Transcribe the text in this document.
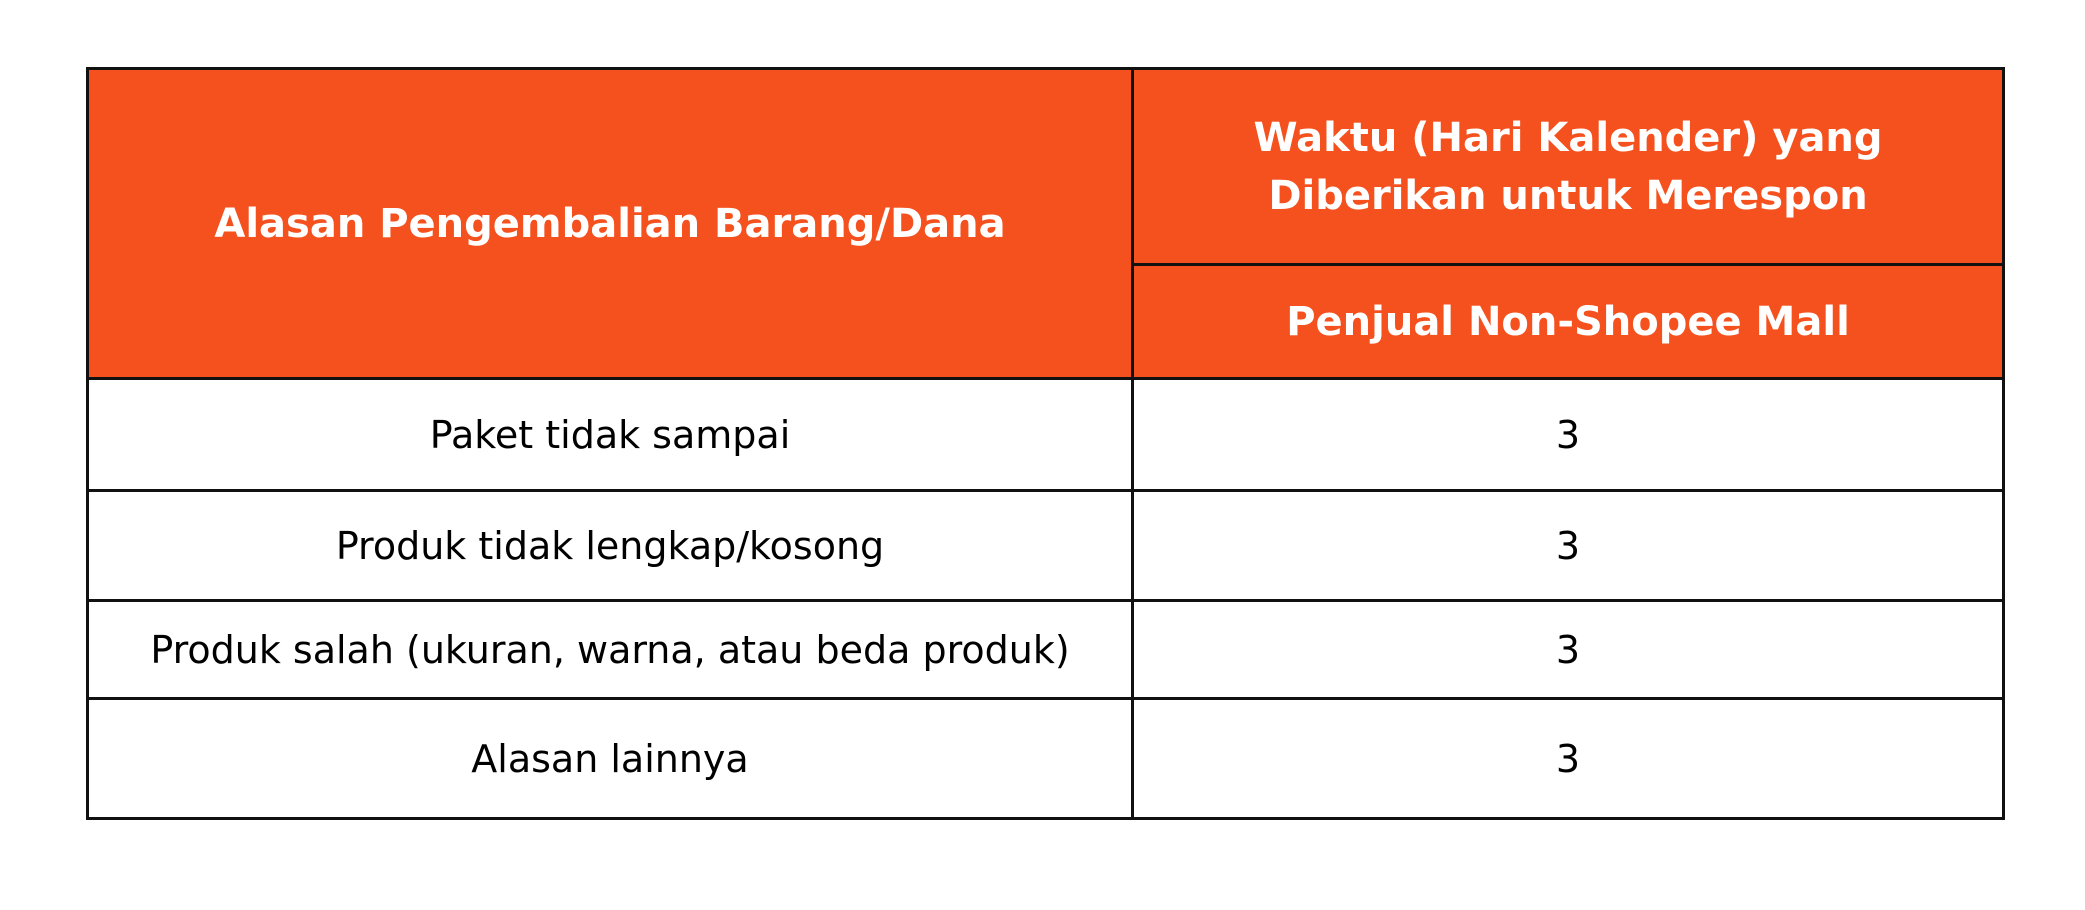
Alasan Pengembalian Barang/Dana	Waktu (Hari Kalender) yang
Diberikan untuk Merespon
	Penjual Non-Shopee Mall
Paket tidak sampai	3
Produk tidak lengkap/kosong	3
Produk salah (ukuran, warna, atau beda produk)	3
Alasan lainnya	3
